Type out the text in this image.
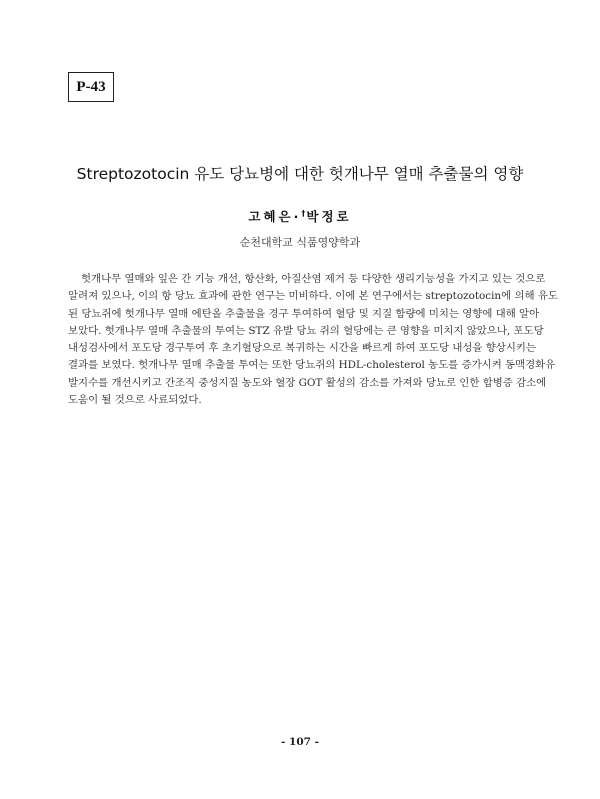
P-43
Streptozotocin 유도 당뇨병에 대한 헛개나무 열매 추출물의 영향
고혜은·†박정로
순천대학교 식품영양학과
헛개나무 열매와 잎은 간 기능 개선, 항산화, 아질산염 제거 등 다양한 생리기능성을 가지고 있는 것으로
알려져 있으나, 이의 항 당뇨 효과에 관한 연구는 미비하다. 이에 본 연구에서는 streptozotocin에 의해 유도
된 당뇨쥐에 헛개나무 열매 에탄올 추출물을 경구 투여하여 혈당 및 지질 함량에 미치는 영향에 대해 알아
보았다. 헛개나무 열매 추출물의 투여는 STZ 유발 당뇨 쥐의 혈당에는 큰 영향을 미치지 않았으나, 포도당
내성검사에서 포도당 경구투여 후 초기혈당으로 복귀하는 시간을 빠르게 하여 포도당 내성을 향상시키는
결과를 보였다. 헛개나무 열매 추출물 투여는 또한 당뇨쥐의 HDL-cholesterol 농도를 증가시켜 동맥경화유
발지수를 개선시키고 간조직 중성지질 농도와 혈장 GOT 활성의 감소를 가져와 당뇨로 인한 합병증 감소에
도움이 될 것으로 사료되었다.
- 107 -
